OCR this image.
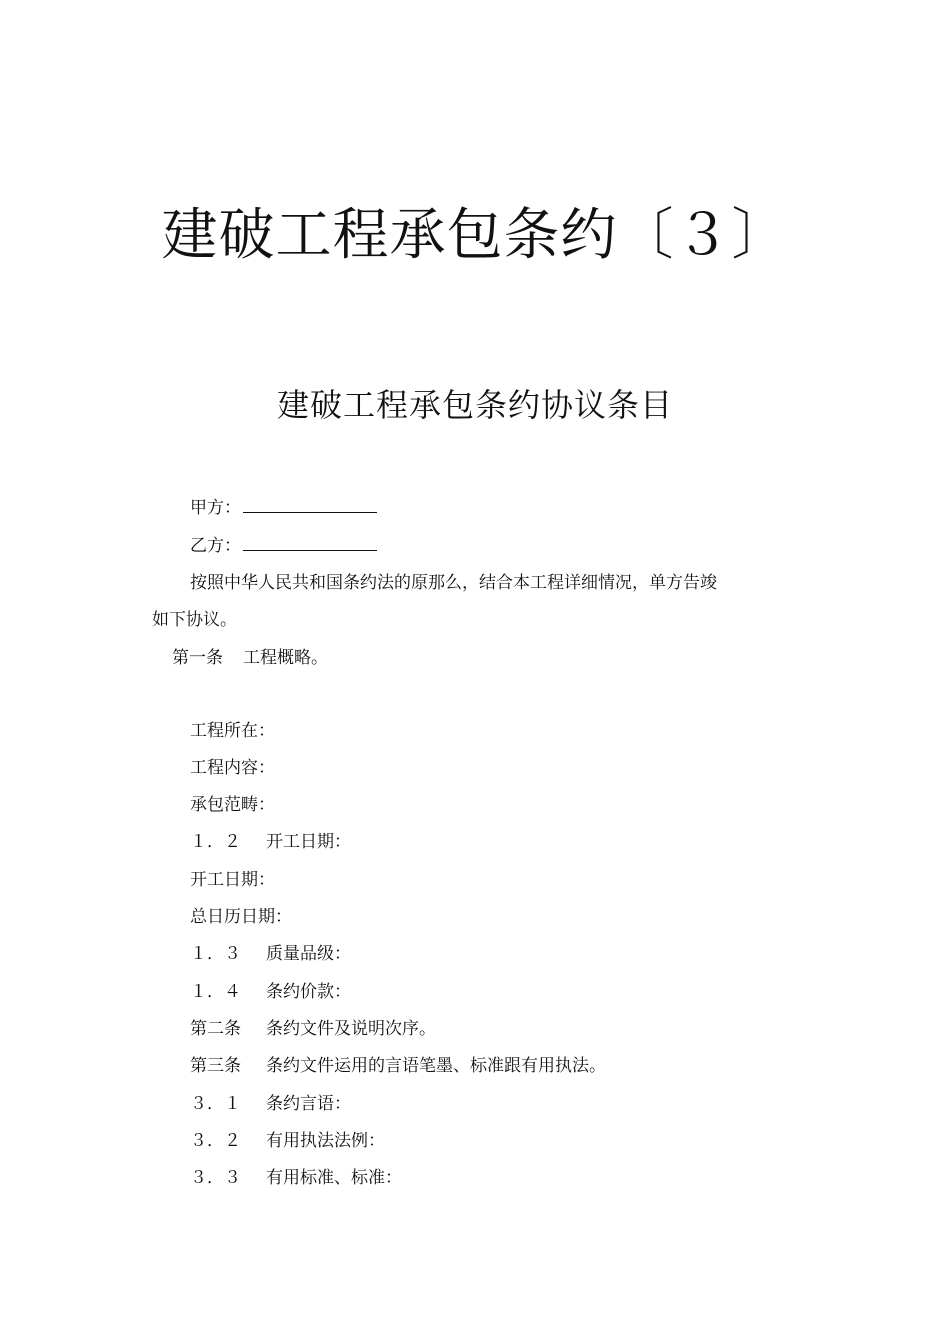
建破工程承包条约〔３〕
建破工程承包条约协议条目
甲方：
乙方：
按照中华人民共和国条约法的原那么，结合本工程详细情况，单方告竣
如下协议。
第一条 工程概略。
工程所在：
工程内容：
承包范畴：
１．２ 开工日期：
开工日期：
总日历日期：
１．３ 质量品级：
１．４ 条约价款：
第二条 条约文件及说明次序。
第三条 条约文件运用的言语笔墨、标准跟有用执法。
３．１ 条约言语：
３．２ 有用执法法例：
３．３ 有用标准、标准：
